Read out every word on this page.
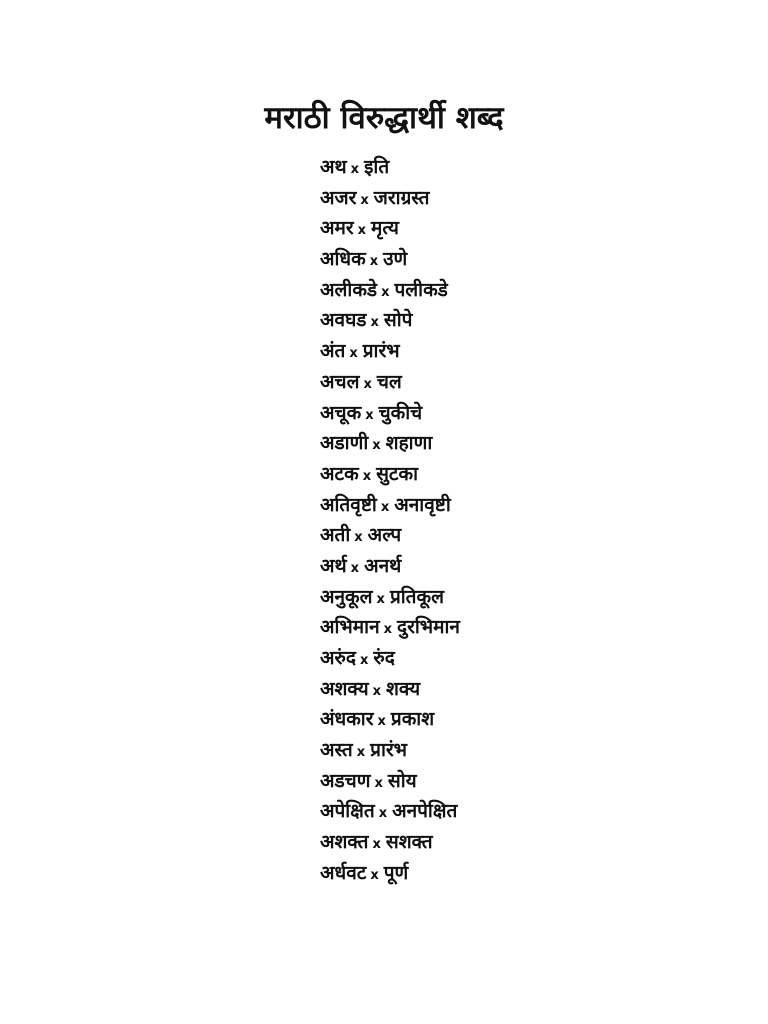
मराठी विरुद्धार्थी शब्द
अथ x इति
अजर x जराग्रस्त
अमर x मृत्य
अधिक x उणे
अलीकडे x पलीकडे
अवघड x सोपे
अंत x प्रारंभ
अचल x चल
अचूक x चुकीचे
अडाणी x शहाणा
अटक x सुटका
अतिवृष्टी x अनावृष्टी
अती x अल्प
अर्थ x अनर्थ
अनुकूल x प्रतिकूल
अभिमान x दुरभिमान
अरुंद x रुंद
अशक्य x शक्य
अंधकार x प्रकाश
अस्त x प्रारंभ
अडचण x सोय
अपेक्षित x अनपेक्षित
अशक्त x सशक्त
अर्धवट x पूर्ण
